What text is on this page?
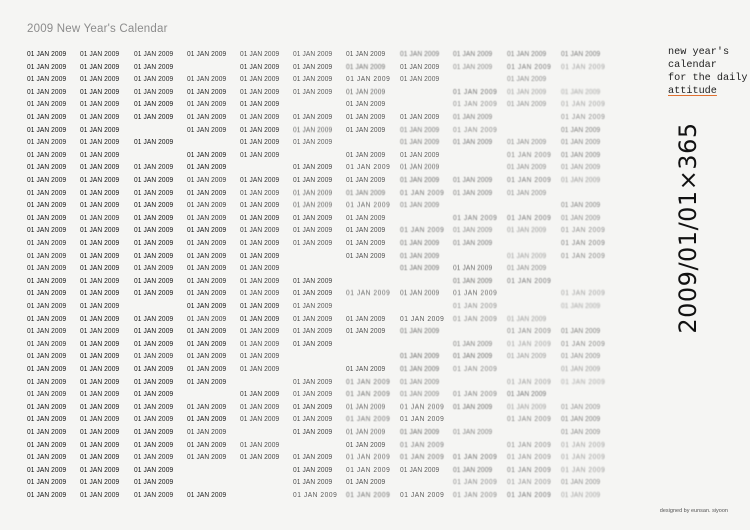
2009 New Year's Calendar
01 JAN 2009
01 JAN 2009
01 JAN 2009
01 JAN 2009
01 JAN 2009
01 JAN 2009
01 JAN 2009
01 JAN 2009
01 JAN 2009
01 JAN 2009
01 JAN 2009
01 JAN 2009
01 JAN 2009
01 JAN 2009
01 JAN 2009
01 JAN 2009
01 JAN 2009
01 JAN 2009
01 JAN 2009
01 JAN 2009
01 JAN 2009
01 JAN 2009
01 JAN 2009
01 JAN 2009
01 JAN 2009
01 JAN 2009
01 JAN 2009
01 JAN 2009
01 JAN 2009
01 JAN 2009
01 JAN 2009
01 JAN 2009
01 JAN 2009
01 JAN 2009
01 JAN 2009
01 JAN 2009
01 JAN 2009
01 JAN 2009
01 JAN 2009
01 JAN 2009
01 JAN 2009
01 JAN 2009
01 JAN 2009
01 JAN 2009
01 JAN 2009
01 JAN 2009
01 JAN 2009
01 JAN 2009
01 JAN 2009
01 JAN 2009
01 JAN 2009
01 JAN 2009
01 JAN 2009
01 JAN 2009
01 JAN 2009
01 JAN 2009
01 JAN 2009
01 JAN 2009
01 JAN 2009
01 JAN 2009
01 JAN 2009
01 JAN 2009
01 JAN 2009
01 JAN 2009
01 JAN 2009
01 JAN 2009
01 JAN 2009
01 JAN 2009
01 JAN 2009
01 JAN 2009
01 JAN 2009
01 JAN 2009
01 JAN 2009
01 JAN 2009
01 JAN 2009
01 JAN 2009
01 JAN 2009
01 JAN 2009
01 JAN 2009
01 JAN 2009
01 JAN 2009
01 JAN 2009
01 JAN 2009
01 JAN 2009
01 JAN 2009
01 JAN 2009
01 JAN 2009
01 JAN 2009
01 JAN 2009
01 JAN 2009
01 JAN 2009
01 JAN 2009
01 JAN 2009
01 JAN 2009
01 JAN 2009
01 JAN 2009
01 JAN 2009
01 JAN 2009
01 JAN 2009
01 JAN 2009
01 JAN 2009
01 JAN 2009
01 JAN 2009
01 JAN 2009
01 JAN 2009
01 JAN 2009
01 JAN 2009
01 JAN 2009
01 JAN 2009
01 JAN 2009
01 JAN 2009
01 JAN 2009
01 JAN 2009
01 JAN 2009
01 JAN 2009
01 JAN 2009
01 JAN 2009
01 JAN 2009
01 JAN 2009
01 JAN 2009
01 JAN 2009
01 JAN 2009
01 JAN 2009
01 JAN 2009
01 JAN 2009
01 JAN 2009
01 JAN 2009
01 JAN 2009
01 JAN 2009
01 JAN 2009
01 JAN 2009
01 JAN 2009
01 JAN 2009
01 JAN 2009
01 JAN 2009
01 JAN 2009
01 JAN 2009
01 JAN 2009
01 JAN 2009
01 JAN 2009
01 JAN 2009
01 JAN 2009
01 JAN 2009
01 JAN 2009
01 JAN 2009
01 JAN 2009
01 JAN 2009
01 JAN 2009
01 JAN 2009
01 JAN 2009
01 JAN 2009
01 JAN 2009
01 JAN 2009
01 JAN 2009
01 JAN 2009
01 JAN 2009
01 JAN 2009
01 JAN 2009
01 JAN 2009
01 JAN 2009
01 JAN 2009
01 JAN 2009
01 JAN 2009
01 JAN 2009
01 JAN 2009
01 JAN 2009
01 JAN 2009
01 JAN 2009
01 JAN 2009
01 JAN 2009
01 JAN 2009
01 JAN 2009
01 JAN 2009
01 JAN 2009
01 JAN 2009
01 JAN 2009
01 JAN 2009
01 JAN 2009
01 JAN 2009
01 JAN 2009
01 JAN 2009
01 JAN 2009
01 JAN 2009
01 JAN 2009
01 JAN 2009
01 JAN 2009
01 JAN 2009
01 JAN 2009
01 JAN 2009
01 JAN 2009
01 JAN 2009
01 JAN 2009
01 JAN 2009
01 JAN 2009
01 JAN 2009
01 JAN 2009
01 JAN 2009
01 JAN 2009
01 JAN 2009
01 JAN 2009
01 JAN 2009
01 JAN 2009
01 JAN 2009
01 JAN 2009
01 JAN 2009
01 JAN 2009
01 JAN 2009
01 JAN 2009
01 JAN 2009
01 JAN 2009
01 JAN 2009
01 JAN 2009
01 JAN 2009
01 JAN 2009
01 JAN 2009
01 JAN 2009
01 JAN 2009
01 JAN 2009
01 JAN 2009
01 JAN 2009
01 JAN 2009
01 JAN 2009
01 JAN 2009
01 JAN 2009
01 JAN 2009
01 JAN 2009
01 JAN 2009
01 JAN 2009
01 JAN 2009
01 JAN 2009
01 JAN 2009
01 JAN 2009
01 JAN 2009
01 JAN 2009
01 JAN 2009
01 JAN 2009
01 JAN 2009
01 JAN 2009
01 JAN 2009
01 JAN 2009
01 JAN 2009
01 JAN 2009
01 JAN 2009
01 JAN 2009
01 JAN 2009
01 JAN 2009
01 JAN 2009
01 JAN 2009
01 JAN 2009
01 JAN 2009
01 JAN 2009
01 JAN 2009
01 JAN 2009
01 JAN 2009
01 JAN 2009
01 JAN 2009
01 JAN 2009
01 JAN 2009
01 JAN 2009
01 JAN 2009
01 JAN 2009
01 JAN 2009
01 JAN 2009
01 JAN 2009
01 JAN 2009
01 JAN 2009
01 JAN 2009
01 JAN 2009
01 JAN 2009
01 JAN 2009
01 JAN 2009
01 JAN 2009
01 JAN 2009
01 JAN 2009
01 JAN 2009
01 JAN 2009
01 JAN 2009
01 JAN 2009
01 JAN 2009
01 JAN 2009
01 JAN 2009
01 JAN 2009
01 JAN 2009
01 JAN 2009
01 JAN 2009
01 JAN 2009
01 JAN 2009
01 JAN 2009
01 JAN 2009
01 JAN 2009
01 JAN 2009
01 JAN 2009
01 JAN 2009
01 JAN 2009
01 JAN 2009
01 JAN 2009
01 JAN 2009
01 JAN 2009
01 JAN 2009
01 JAN 2009
01 JAN 2009
01 JAN 2009
01 JAN 2009
01 JAN 2009
01 JAN 2009
01 JAN 2009
01 JAN 2009
01 JAN 2009
01 JAN 2009
01 JAN 2009
01 JAN 2009
01 JAN 2009
01 JAN 2009
01 JAN 2009
01 JAN 2009
01 JAN 2009
01 JAN 2009
01 JAN 2009
01 JAN 2009
01 JAN 2009
01 JAN 2009
01 JAN 2009
01 JAN 2009
01 JAN 2009
01 JAN 2009
01 JAN 2009
01 JAN 2009
01 JAN 2009
01 JAN 2009
01 JAN 2009
01 JAN 2009
01 JAN 2009
01 JAN 2009
01 JAN 2009
01 JAN 2009
01 JAN 2009
01 JAN 2009
01 JAN 2009
01 JAN 2009
new year's
calendar
for the daily
attitude
2009/01/01×365
designed by eunsan. siyoon
